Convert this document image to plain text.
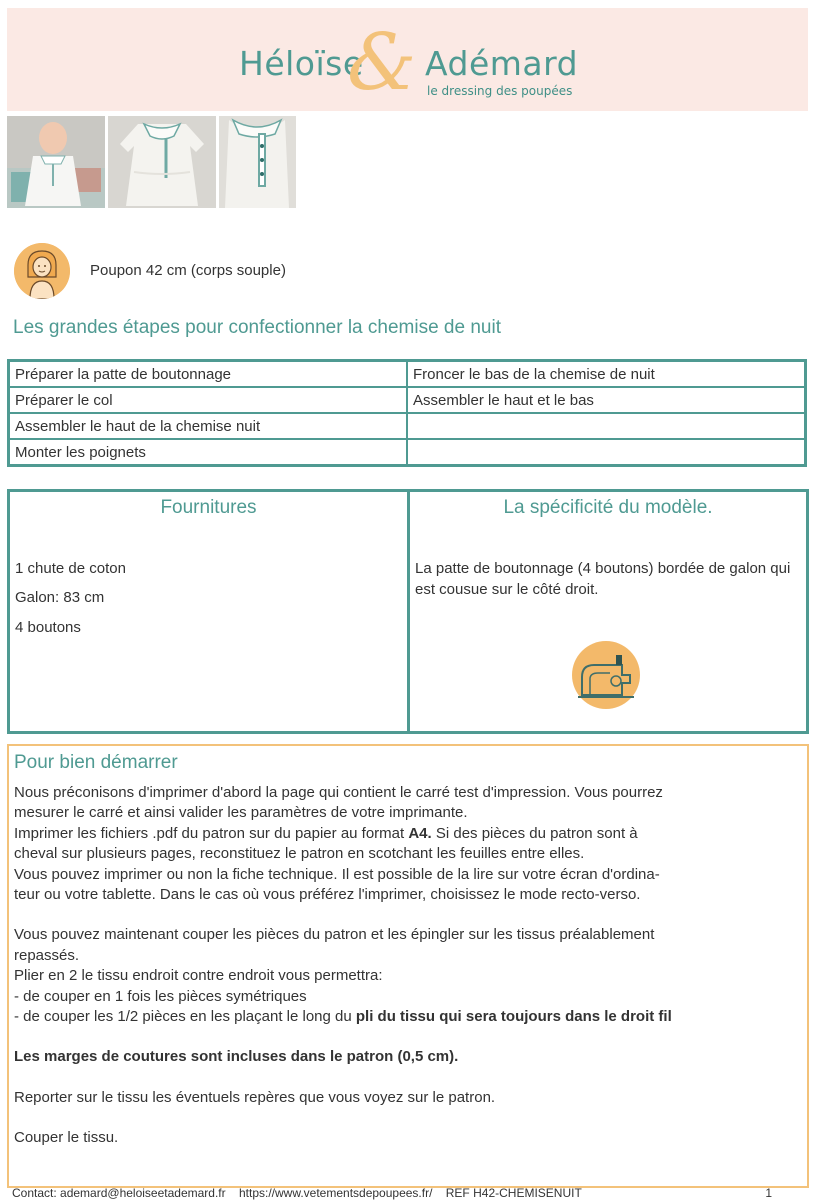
Héloïse
& Adémard
le dressing des poupées
Poupon 42 cm (corps souple)
Les grandes étapes pour confectionner la chemise de nuit
Préparer la patte de boutonnage	Froncer le bas de la chemise de nuit
Préparer le col	Assembler le haut et le bas
Assembler le haut de la chemise nuit	
Monter les poignets	
Fournitures
1 chute de coton
Galon: 83 cm
4 boutons
La spécificité du modèle.
La patte de boutonnage (4 boutons) bordée de galon qui est cousue sur le côté droit.
Pour bien démarrer

Nous préconisons d'imprimer d'abord la page qui contient le carré test d'impression. Vous pourrez

mesurer le carré et ainsi valider les paramètres de votre imprimante.

Imprimer les fichiers .pdf du patron sur du papier au format A4. Si des pièces du patron sont à

cheval sur plusieurs pages, reconstituez le patron en scotchant les feuilles entre elles.

Vous pouvez imprimer ou non la fiche technique. Il est possible de la lire sur votre écran d'ordina-

teur ou votre tablette. Dans le cas où vous préférez l'imprimer, choisissez le mode recto-verso.

Vous pouvez maintenant couper les pièces du patron et les épingler sur les tissus préalablement

repassés.

Plier en 2 le tissu endroit contre endroit vous permettra:

- de couper en 1 fois les pièces symétriques

- de couper les 1/2 pièces en les plaçant le long du pli du tissu qui sera toujours dans le droit fil

Les marges de coutures sont incluses dans le patron (0,5 cm).

Reporter sur le tissu les éventuels repères que vous voyez sur le patron.

Couper le tissu.

Contact: ademard@heloiseetademard.fr https://www.vetementsdepoupees.fr/ REF H42-CHEMISENUIT	1
